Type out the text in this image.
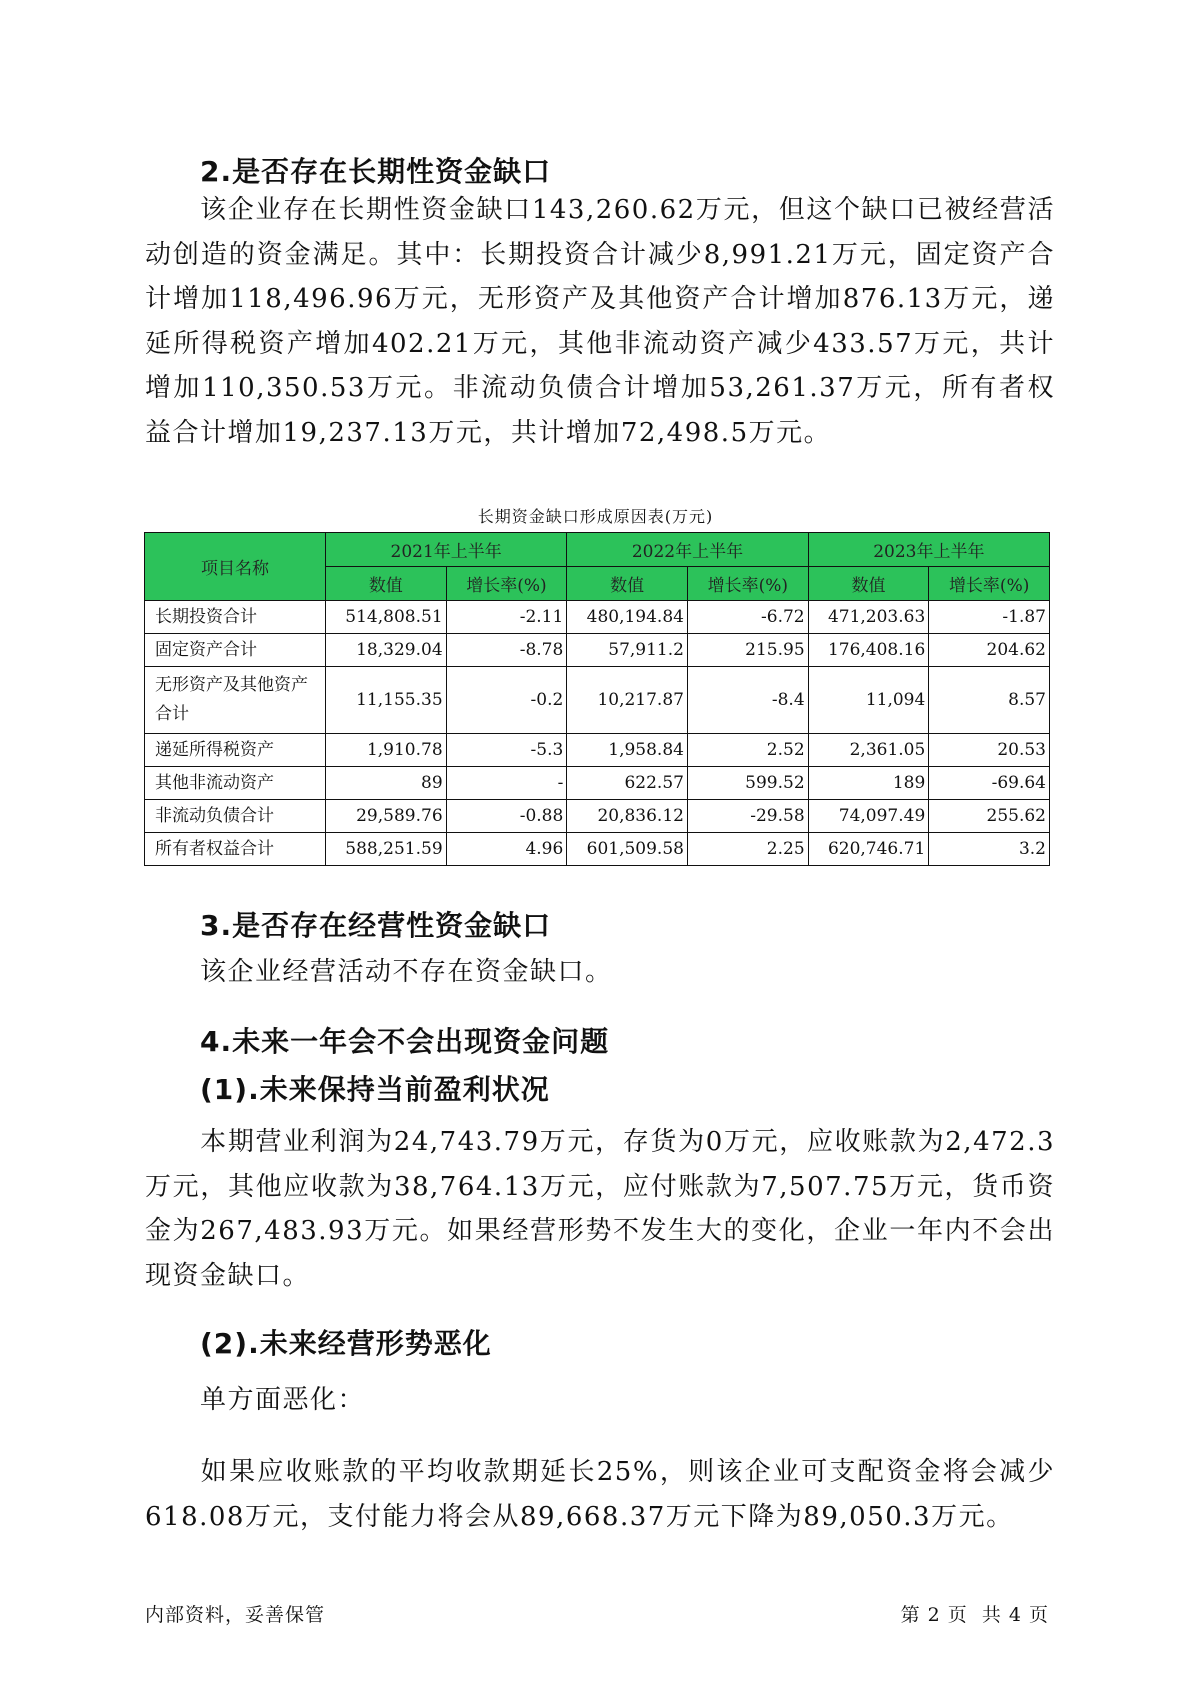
2.是否存在长期性资金缺口

该企业存在长期性资金缺口143,260.62万元，但这个缺口已被经营活动创造的资金满足。其中：长期投资合计减少8,991.21万元，固定资产合计增加118,496.96万元，无形资产及其他资产合计增加876.13万元，递延所得税资产增加402.21万元，其他非流动资产减少433.57万元，共计增加110,350.53万元。非流动负债合计增加53,261.37万元，所有者权益合计增加19,237.13万元，共计增加72,498.5万元。

长期资金缺口形成原因表(万元)
项目名称	2021年上半年		2022年上半年		2023年上半年	
	数值	增长率(%)	数值	增长率(%)	数值	增长率(%)
长期投资合计	514,808.51	-2.11	480,194.84	-6.72	471,203.63	-1.87
固定资产合计	18,329.04	-8.78	57,911.2	215.95	176,408.16	204.62
无形资产及其他资产合计	11,155.35	-0.2	10,217.87	-8.4	11,094	8.57
递延所得税资产	1,910.78	-5.3	1,958.84	2.52	2,361.05	20.53
其他非流动资产	89	-	622.57	599.52	189	-69.64
非流动负债合计	29,589.76	-0.88	20,836.12	-29.58	74,097.49	255.62
所有者权益合计	588,251.59	4.96	601,509.58	2.25	620,746.71	3.2
3.是否存在经营性资金缺口

该企业经营活动不存在资金缺口。

4.未来一年会不会出现资金问题
(1).未来保持当前盈利状况

本期营业利润为24,743.79万元，存货为0万元，应收账款为2,472.3万元，其他应收款为38,764.13万元，应付账款为7,507.75万元，货币资金为267,483.93万元。如果经营形势不发生大的变化，企业一年内不会出现资金缺口。

(2).未来经营形势恶化

单方面恶化：

如果应收账款的平均收款期延长25%，则该企业可支配资金将会减少618.08万元，支付能力将会从89,668.37万元下降为89,050.3万元。

内部资料，妥善保管	第 2 页  共 4 页
